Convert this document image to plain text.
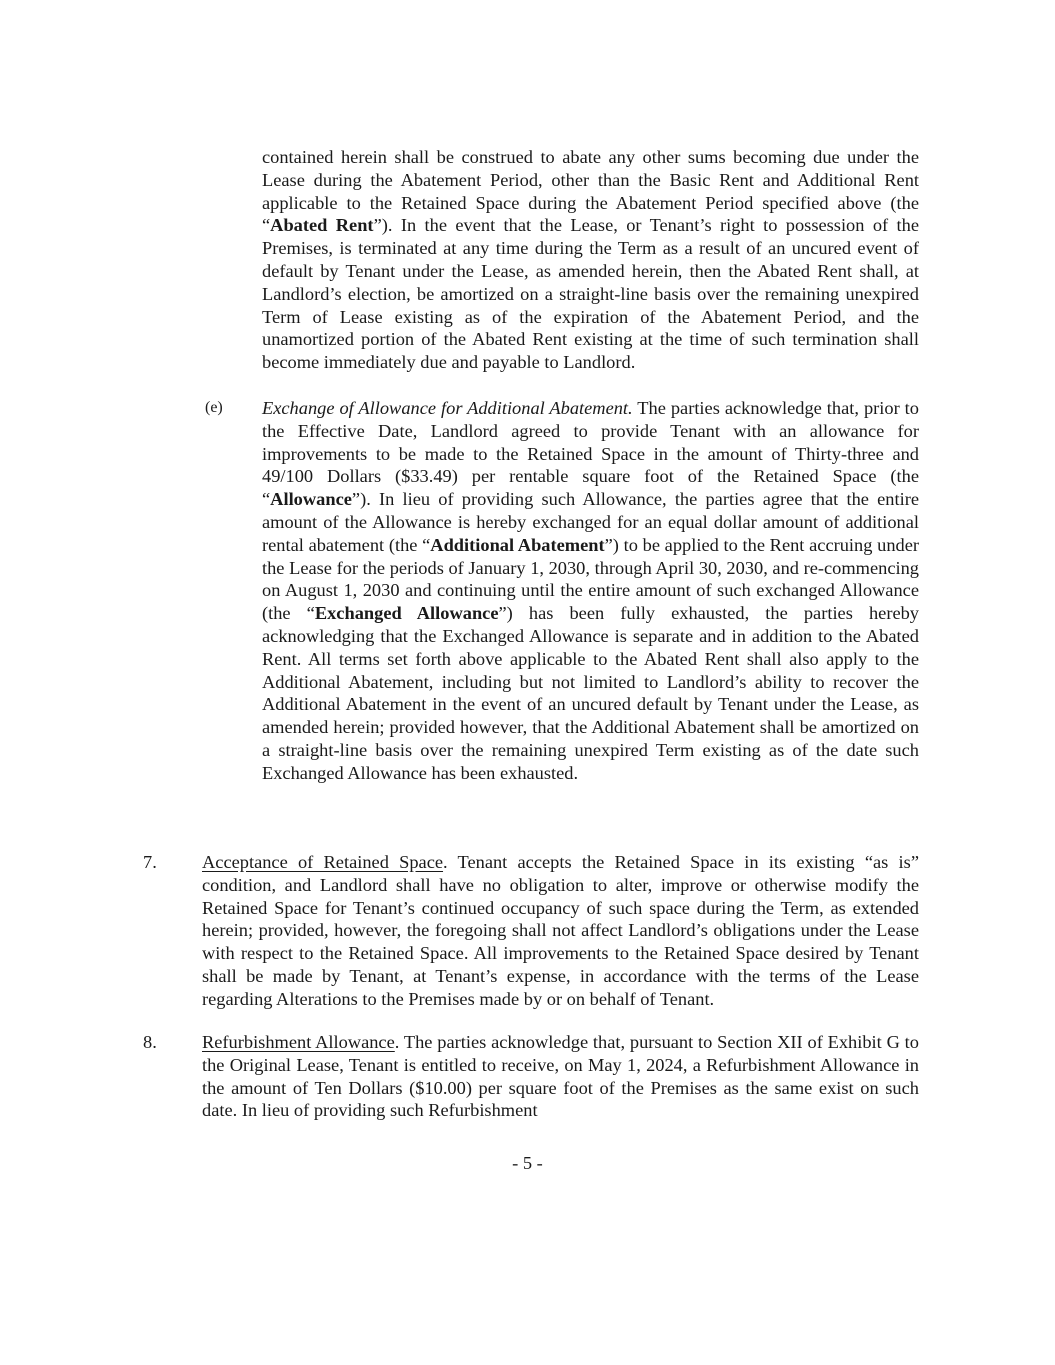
contained herein shall be construed to abate any other sums becoming due under the Lease during the Abatement Period, other than the Basic Rent and Additional Rent applicable to the Retained Space during the Abatement Period specified above (the “Abated Rent”). In the event that the Lease, or Tenant’s right to possession of the Premises, is terminated at any time during the Term as a result of an uncured event of default by Tenant under the Lease, as amended herein, then the Abated Rent shall, at Landlord’s election, be amortized on a straight-line basis over the remaining unexpired Term of Lease existing as of the expiration of the Abatement Period, and the unamortized portion of the Abated Rent existing at the time of such termination shall become immediately due and payable to Landlord.
(e) Exchange of Allowance for Additional Abatement. The parties acknowledge that, prior to the Effective Date, Landlord agreed to provide Tenant with an allowance for improvements to be made to the Retained Space in the amount of Thirty-three and 49/100 Dollars ($33.49) per rentable square foot of the Retained Space (the “Allowance”). In lieu of providing such Allowance, the parties agree that the entire amount of the Allowance is hereby exchanged for an equal dollar amount of additional rental abatement (the “Additional Abatement”) to be applied to the Rent accruing under the Lease for the periods of January 1, 2030, through April 30, 2030, and re-commencing on August 1, 2030 and continuing until the entire amount of such exchanged Allowance (the “Exchanged Allowance”) has been fully exhausted, the parties hereby acknowledging that the Exchanged Allowance is separate and in addition to the Abated Rent. All terms set forth above applicable to the Abated Rent shall also apply to the Additional Abatement, including but not limited to Landlord’s ability to recover the Additional Abatement in the event of an uncured default by Tenant under the Lease, as amended herein; provided however, that the Additional Abatement shall be amortized on a straight-line basis over the remaining unexpired Term existing as of the date such Exchanged Allowance has been exhausted.
7. Acceptance of Retained Space. Tenant accepts the Retained Space in its existing “as is” condition, and Landlord shall have no obligation to alter, improve or otherwise modify the Retained Space for Tenant’s continued occupancy of such space during the Term, as extended herein; provided, however, the foregoing shall not affect Landlord’s obligations under the Lease with respect to the Retained Space. All improvements to the Retained Space desired by Tenant shall be made by Tenant, at Tenant’s expense, in accordance with the terms of the Lease regarding Alterations to the Premises made by or on behalf of Tenant.
8. Refurbishment Allowance. The parties acknowledge that, pursuant to Section XII of Exhibit G to the Original Lease, Tenant is entitled to receive, on May 1, 2024, a Refurbishment Allowance in the amount of Ten Dollars ($10.00) per square foot of the Premises as the same exist on such date. In lieu of providing such Refurbishment
- 5 -
